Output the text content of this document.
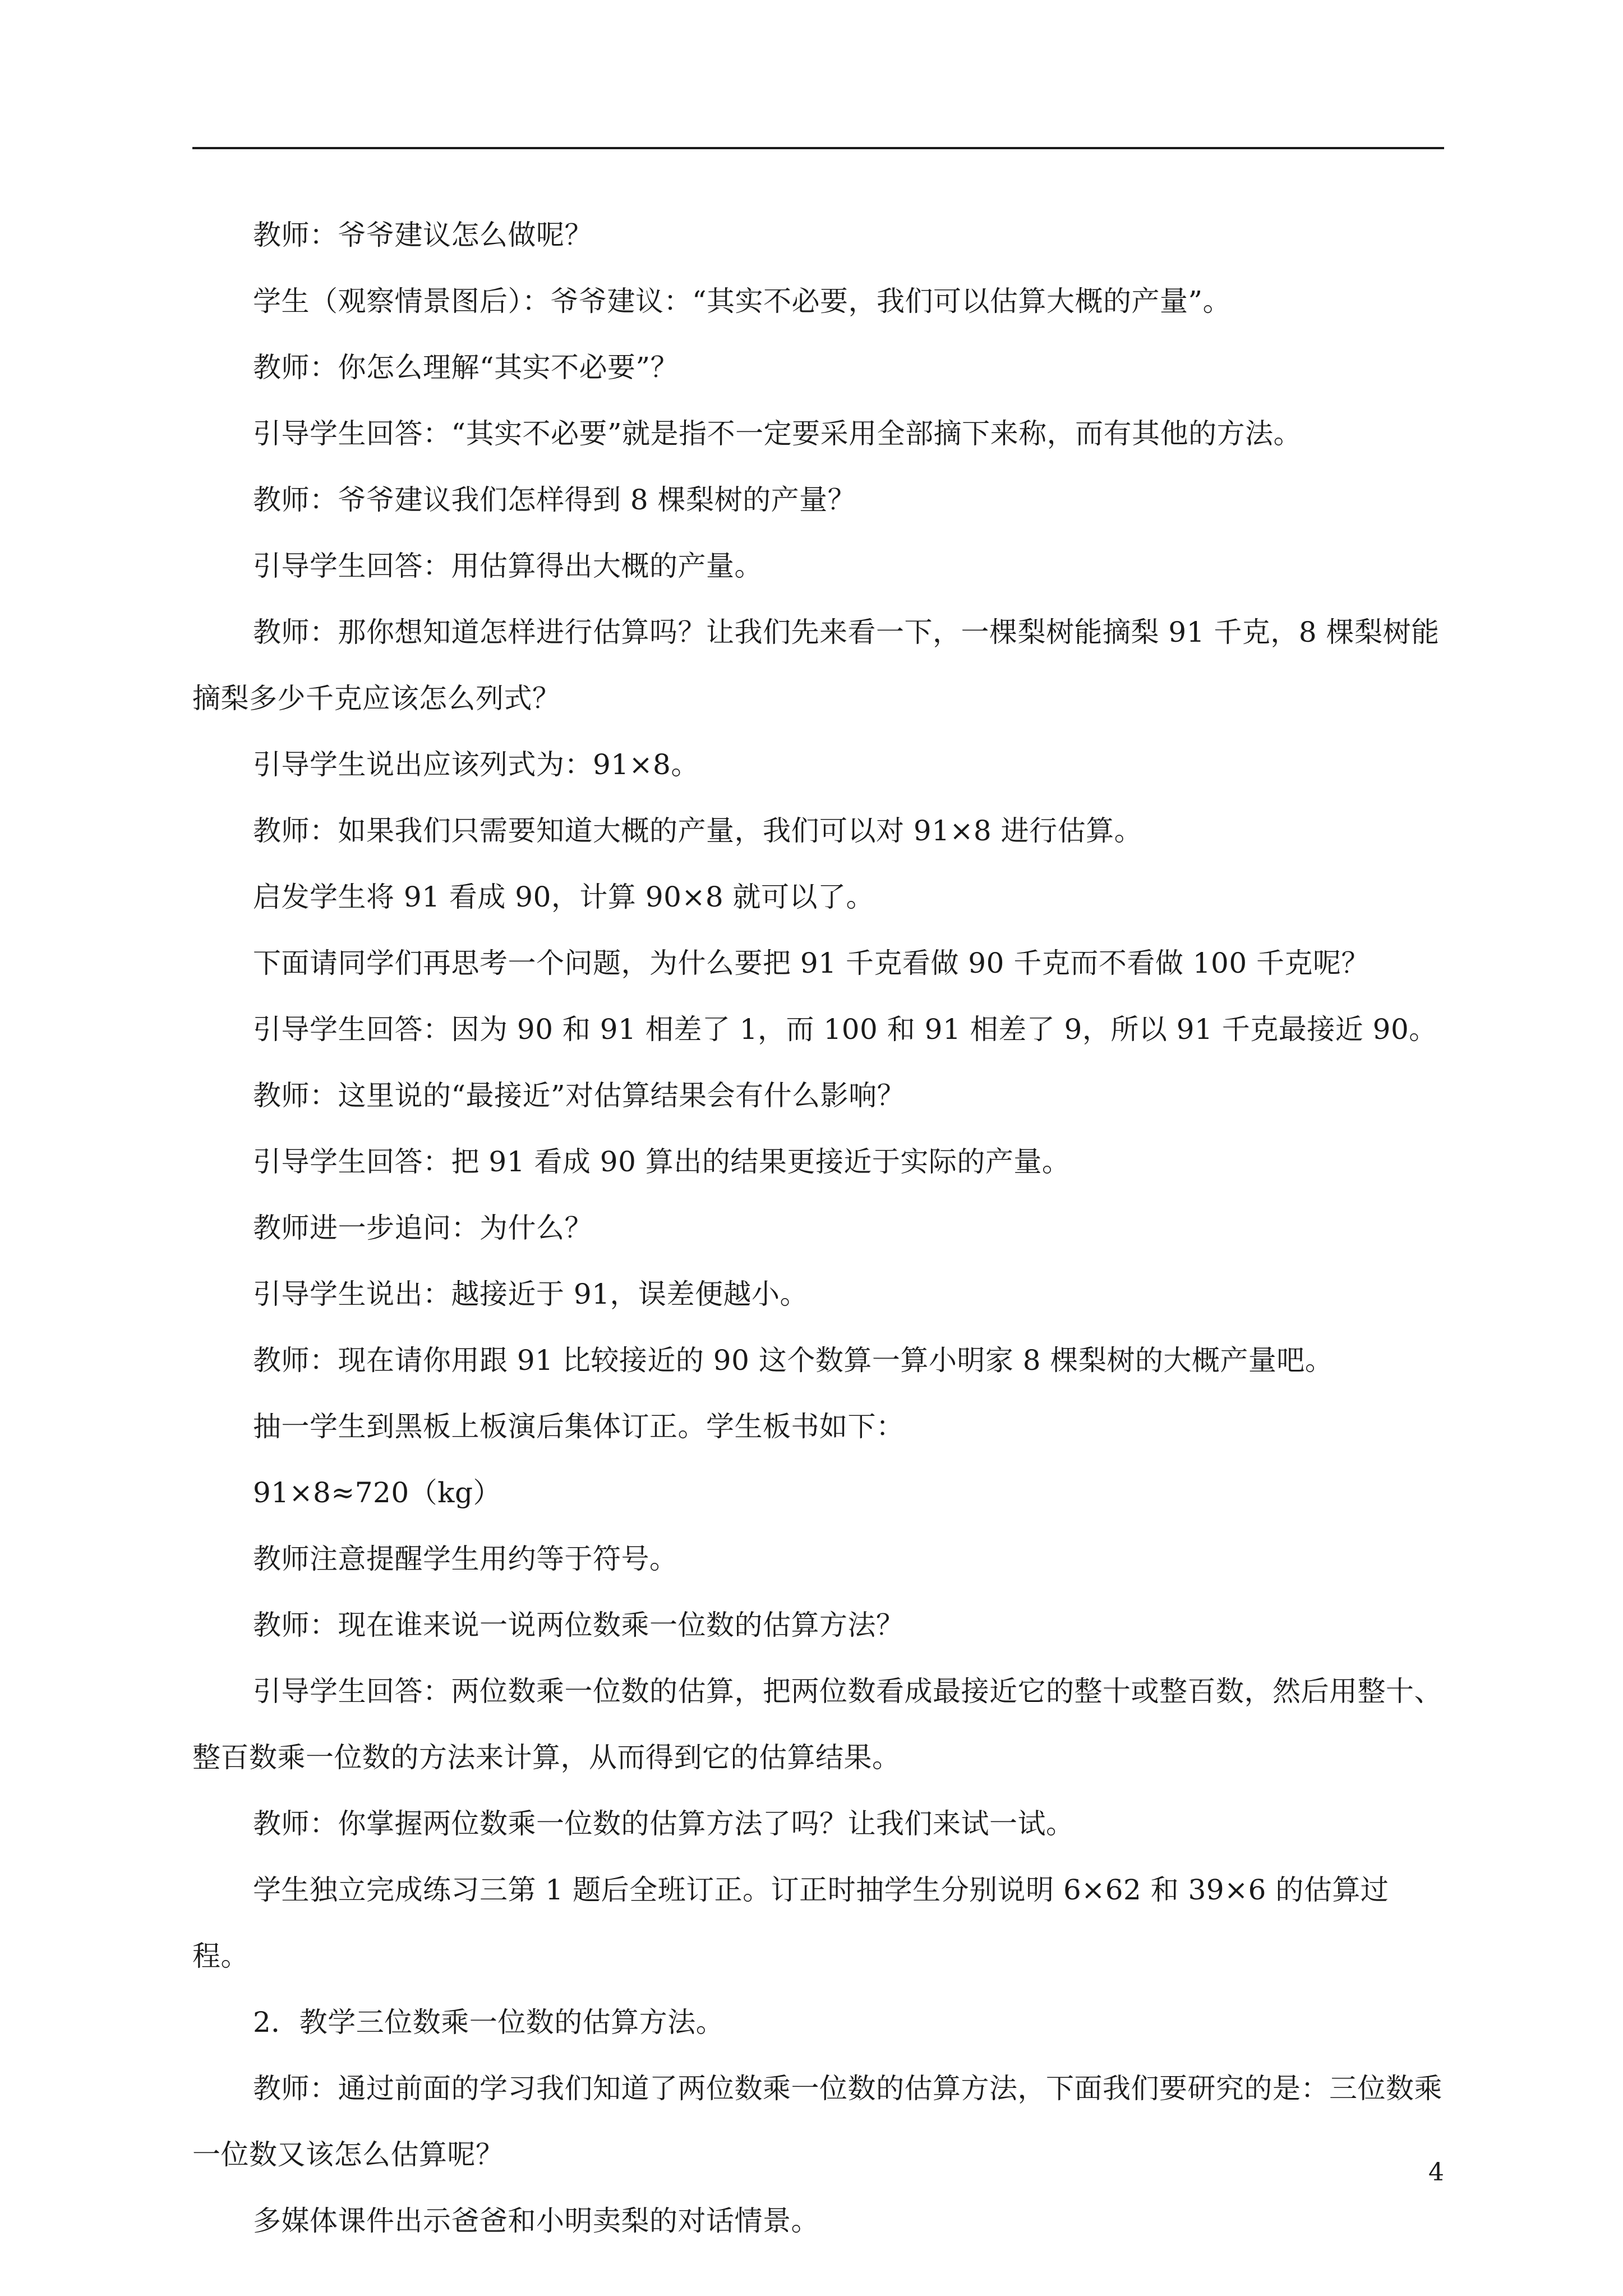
教师：爷爷建议怎么做呢？

学生（观察情景图后）：爷爷建议：“其实不必要，我们可以估算大概的产量”。

教师：你怎么理解“其实不必要”？

引导学生回答：“其实不必要”就是指不一定要采用全部摘下来称，而有其他的方法。

教师：爷爷建议我们怎样得到 8 棵梨树的产量？

引导学生回答：用估算得出大概的产量。

教师：那你想知道怎样进行估算吗？让我们先来看一下，一棵梨树能摘梨 91 千克，8 棵梨树能摘梨多少千克应该怎么列式？

引导学生说出应该列式为：91×8。

教师：如果我们只需要知道大概的产量，我们可以对 91×8 进行估算。

启发学生将 91 看成 90，计算 90×8 就可以了。

下面请同学们再思考一个问题，为什么要把 91 千克看做 90 千克而不看做 100 千克呢？

引导学生回答：因为 90 和 91 相差了 1，而 100 和 91 相差了 9，所以 91 千克最接近 90。

教师：这里说的“最接近”对估算结果会有什么影响？

引导学生回答：把 91 看成 90 算出的结果更接近于实际的产量。

教师进一步追问：为什么？

引导学生说出：越接近于 91，误差便越小。

教师：现在请你用跟 91 比较接近的 90 这个数算一算小明家 8 棵梨树的大概产量吧。

抽一学生到黑板上板演后集体订正。学生板书如下：

91×8≈720（kg）

教师注意提醒学生用约等于符号。

教师：现在谁来说一说两位数乘一位数的估算方法？

引导学生回答：两位数乘一位数的估算，把两位数看成最接近它的整十或整百数，然后用整十、整百数乘一位数的方法来计算，从而得到它的估算结果。

教师：你掌握两位数乘一位数的估算方法了吗？让我们来试一试。

学生独立完成练习三第 1 题后全班订正。订正时抽学生分别说明 6×62 和 39×6 的估算过程。

2．教学三位数乘一位数的估算方法。

教师：通过前面的学习我们知道了两位数乘一位数的估算方法，下面我们要研究的是：三位数乘一位数又该怎么估算呢？

多媒体课件出示爸爸和小明卖梨的对话情景。

4
